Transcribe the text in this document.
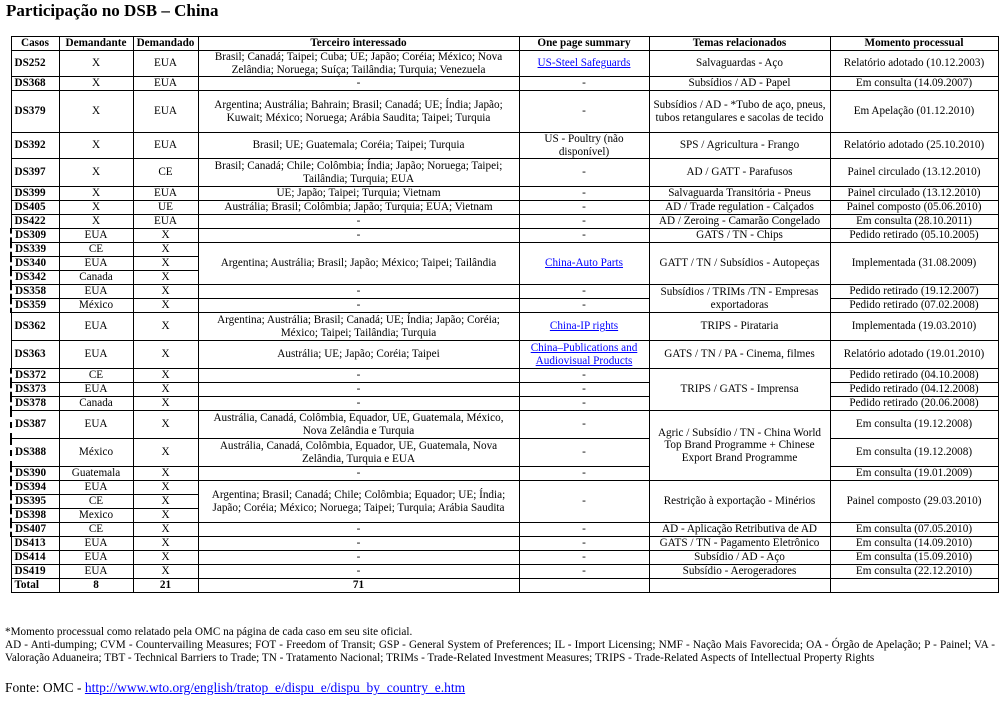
Participação no DSB – China
Casos	Demandante	Demandado	Terceiro interessado	One page summary	Temas relacionados	Momento processual
DS252	X	EUA	Brasil; Canadá; Taipei; Cuba; UE; Japão; Coréia; México; Nova Zelândia; Noruega; Suíça; Tailândia; Turquia; Venezuela	US-Steel Safeguards	Salvaguardas - Aço	Relatório adotado (10.12.2003)
DS368	X	EUA	-	-	Subsídios / AD - Papel	Em consulta (14.09.2007)
DS379	X	EUA	Argentina; Austrália; Bahrain; Brasil; Canadá; UE; Índia; Japão; Kuwait; México; Noruega; Arábia Saudita; Taipei; Turquia	-	Subsídios / AD - *Tubo de aço, pneus, tubos retangulares e sacolas de tecido	Em Apelação (01.12.2010)
DS392	X	EUA	Brasil; UE; Guatemala; Coréia; Taipei; Turquia	US - Poultry (não disponível)	SPS / Agricultura - Frango	Relatório adotado (25.10.2010)
DS397	X	CE	Brasil; Canadá; Chile; Colômbia; Índia; Japão; Noruega; Taipei; Tailândia; Turquia; EUA	-	AD / GATT - Parafusos	Painel circulado (13.12.2010)
DS399	X	EUA	UE; Japão; Taipei; Turquia; Vietnam	-	Salvaguarda Transitória - Pneus	Painel circulado (13.12.2010)
DS405	X	UE	Austrália; Brasil; Colômbia; Japão; Turquia; EUA; Vietnam	-	AD / Trade regulation - Calçados	Painel composto (05.06.2010)
DS422	X	EUA	-	-	AD / Zeroing - Camarão Congelado	Em consulta (28.10.2011)
DS309	EUA	X	-	-	GATS / TN - Chips	Pedido retirado (05.10.2005)
DS339	CE	X	Argentina; Austrália; Brasil; Japão; México; Taipei; Tailândia	China-Auto Parts	GATT / TN / Subsídios - Autopeças	Implementada (31.08.2009)
DS340	EUA	X				
DS342	Canada	X				
DS358	EUA	X	-	-	Subsídios / TRIMs /TN - Empresas exportadoras	Pedido retirado (19.12.2007)
DS359	México	X	-	-		Pedido retirado (07.02.2008)
DS362	EUA	X	Argentina; Austrália; Brasil; Canadá; UE; Índia; Japão; Coréia; México; Taipei; Tailândia; Turquia	China-IP rights	TRIPS - Pirataria	Implementada (19.03.2010)
DS363	EUA	X	Austrália; UE; Japão; Coréia; Taipei	China–Publications and Audiovisual Products	GATS / TN / PA - Cinema, filmes	Relatório adotado (19.01.2010)
DS372	CE	X	-	-	TRIPS / GATS - Imprensa	Pedido retirado (04.10.2008)
DS373	EUA	X	-	-		Pedido retirado (04.12.2008)
DS378	Canada	X	-	-		Pedido retirado (20.06.2008)
DS387	EUA	X	Austrália, Canadá, Colômbia, Equador, UE, Guatemala, México, Nova Zelândia e Turquia	-	Agric / Subsídio / TN - China World Top Brand Programme + Chinese Export Brand Programme	Em consulta (19.12.2008)
DS388	México	X	Austrália, Canadá, Colômbia, Equador, UE, Guatemala, Nova Zelândia, Turquia e EUA	-		Em consulta (19.12.2008)
DS390	Guatemala	X	-	-		Em consulta (19.01.2009)
DS394	EUA	X	Argentina; Brasil; Canadá; Chile; Colômbia; Equador; UE; Índia; Japão; Coréia; México; Noruega; Taipei; Turquia; Arábia Saudita	-	Restrição à exportação - Minérios	Painel composto (29.03.2010)
DS395	CE	X				
DS398	Mexico	X				
DS407	CE	X	-	-	AD - Aplicação Retributiva de AD	Em consulta (07.05.2010)
DS413	EUA	X	-	-	GATS / TN - Pagamento Eletrônico	Em consulta (14.09.2010)
DS414	EUA	X	-	-	Subsídio / AD - Aço	Em consulta (15.09.2010)
DS419	EUA	X	-	-	Subsídio - Aerogeradores	Em consulta (22.12.2010)
Total	8	21	71			
*Momento processual como relatado pela OMC na página de cada caso em seu site oficial.
AD - Anti-dumping; CVM - Countervailing Measures; FOT - Freedom of Transit; GSP - General System of Preferences; IL - Import Licensing; NMF - Nação Mais Favorecida; OA - Órgão de Apelação; P - Painel; VA - Valoração Aduaneira; TBT - Technical Barriers to Trade; TN - Tratamento Nacional; TRIMs - Trade-Related Investment Measures; TRIPS - Trade-Related Aspects of Intellectual Property Rights
Fonte: OMC - http://www.wto.org/english/tratop_e/dispu_e/dispu_by_country_e.htm
